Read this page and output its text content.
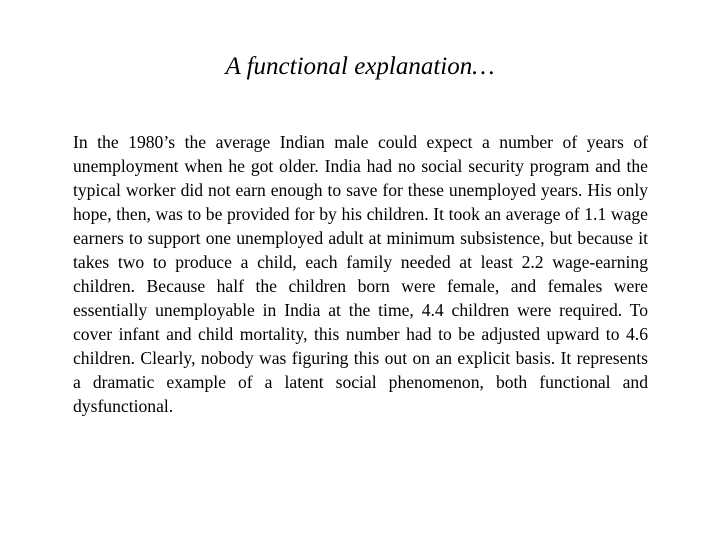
A functional explanation…

In the 1980’s the average Indian male could expect a number of years of unemployment when he got older. India had no social security program and the typical worker did not earn enough to save for these unemployed years. His only hope, then, was to be provided for by his children. It took an average of 1.1 wage earners to support one unemployed adult at minimum subsistence, but because it takes two to produce a child, each family needed at least 2.2 wage-earning children. Because half the children born were female, and females were essentially unemployable in India at the time, 4.4 children were required. To cover infant and child mortality, this number had to be adjusted upward to 4.6 children. Clearly, nobody was figuring this out on an explicit basis. It represents a dramatic example of a latent social phenomenon, both functional and dysfunctional.
